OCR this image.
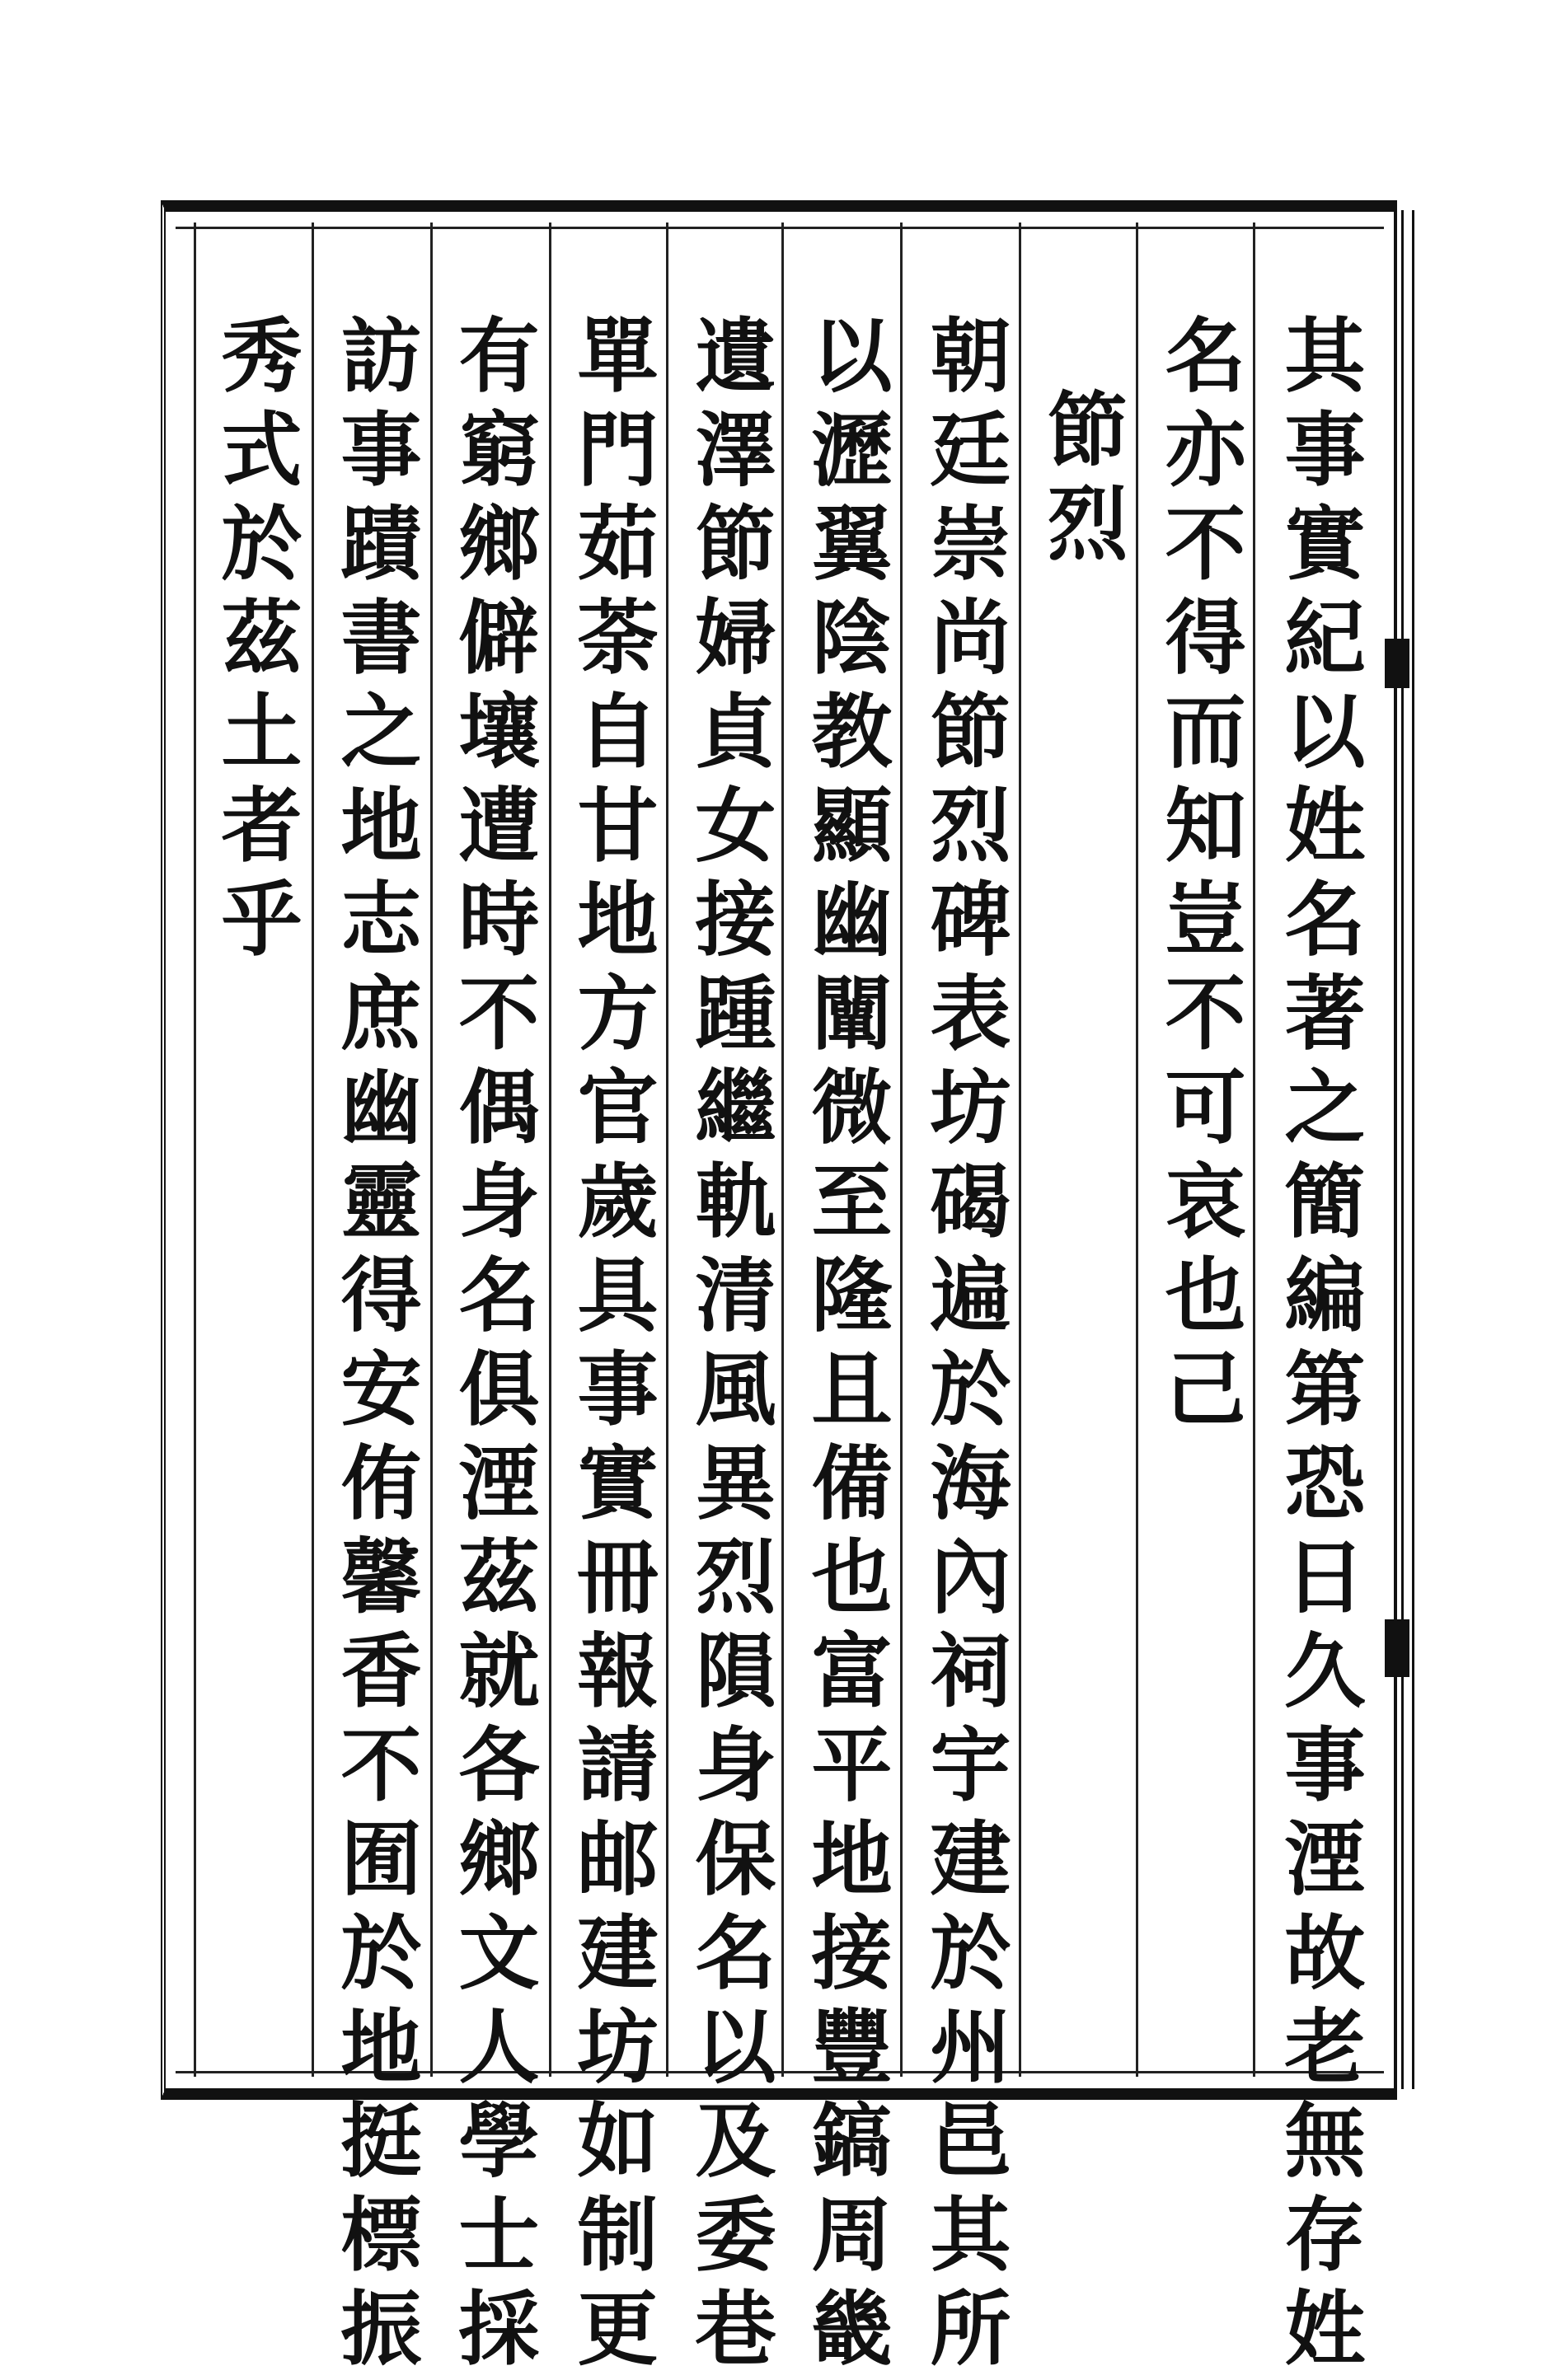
其事實紀以姓名著之簡編第恐日久事湮故老無存姓
名亦不得而知豈不可哀也己
節烈
朝廷崇尚節烈碑表坊碣遍於海內祠宇建於州邑其所
以瀝翼陰教顯幽闡微至隆且備也富平地接豐鎬周畿
遺澤節婦貞女接踵繼軌清風異烈隕身保名以及委巷
單門茹荼自甘地方官歲具事實冊報請邮建坊如制更
有窮鄉僻壤遭時不偶身名俱湮茲就各鄉文人學士採
訪事蹟書之地志庶幽靈得安侑馨香不囿於地挺標振
秀式於茲土者乎
